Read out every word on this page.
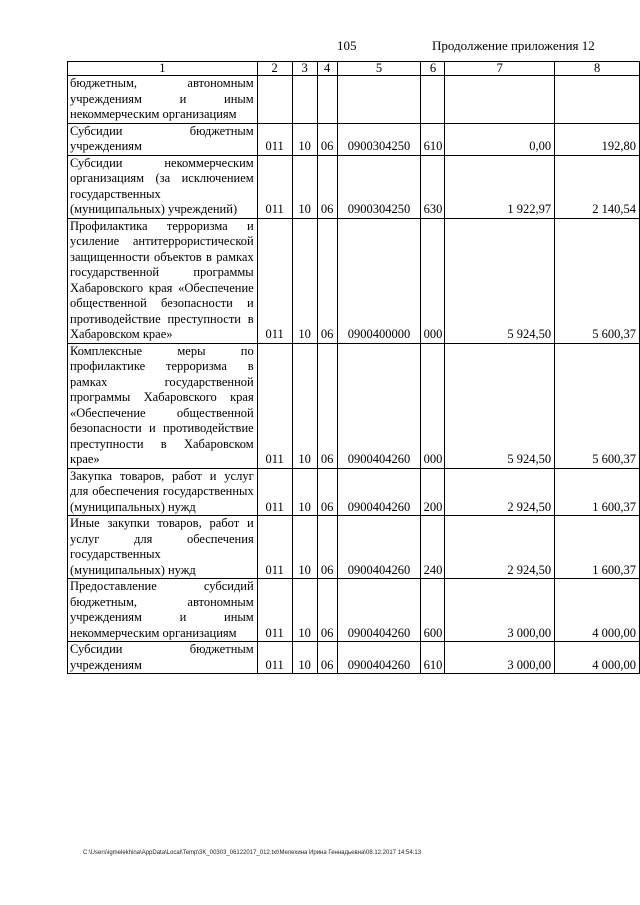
105	Продолжение приложения 12
1	2	3	4	5	6	7	8
бюджетным, автономным учреждениям и иным некоммерческим организациям							
Субсидии бюджетным учреждениям	011	10	06	0900304250	610	0,00	192,80
Субсидии некоммерческим организациям (за исключением государственных (муниципальных) учреждений)	011	10	06	0900304250	630	1 922,97	2 140,54
Профилактика терроризма и усиление антитеррористической защищенности объектов в рамках государственной программы Хабаровского края «Обеспечение общественной безопасности и противодействие преступности в Хабаровском крае»	011	10	06	0900400000	000	5 924,50	5 600,37
Комплексные меры по профилактике терроризма в рамках государственной программы Хабаровского края «Обеспечение общественной безопасности и противодействие преступности в Хабаровском крае»	011	10	06	0900404260	000	5 924,50	5 600,37
Закупка товаров, работ и услуг для обеспечения государственных (муниципальных) нужд	011	10	06	0900404260	200	2 924,50	1 600,37
Иные закупки товаров, работ и услуг для обеспечения государственных (муниципальных) нужд	011	10	06	0900404260	240	2 924,50	1 600,37
Предоставление субсидий бюджетным, автономным учреждениям и иным некоммерческим организациям	011	10	06	0900404260	600	3 000,00	4 000,00
Субсидии бюджетным учреждениям	011	10	06	0900404260	610	3 000,00	4 000,00
C:\Users\igmelekhina\AppData\Local\Temp\3K_00303_06122017_012.txt\Мелехина Ирина Геннадьевна\08.12.2017 14:54:13
